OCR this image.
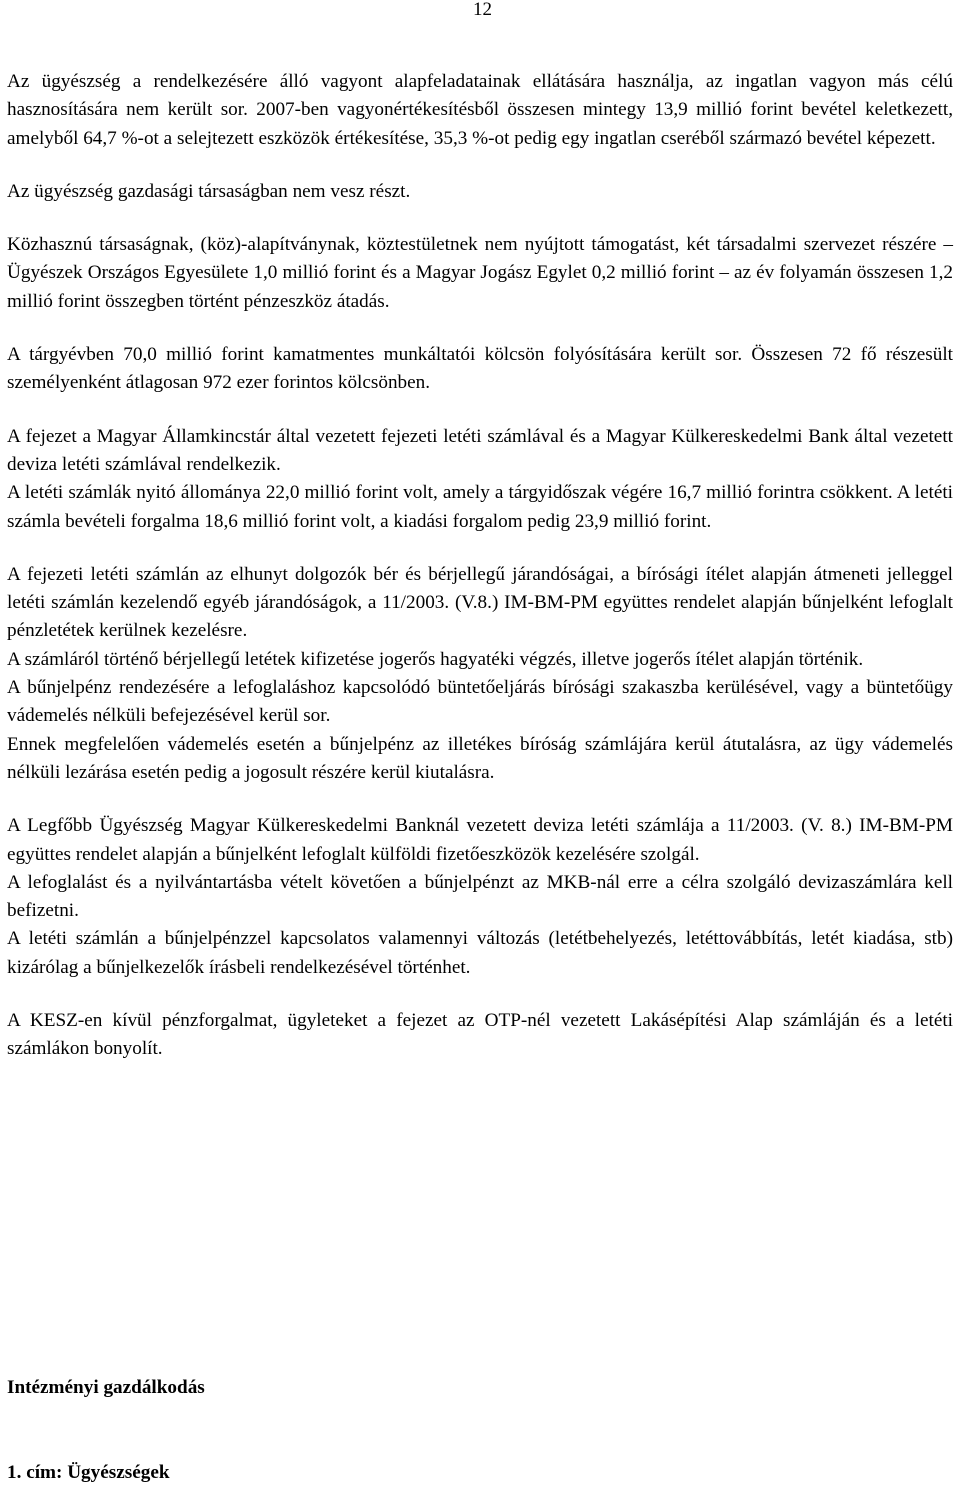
12

Az ügyészség a rendelkezésére álló vagyont alapfeladatainak ellátására használja, az ingatlan vagyon más célú hasznosítására nem került sor. 2007-ben vagyonértékesítésből összesen mintegy 13,9 millió forint bevétel keletkezett, amelyből 64,7 %-ot a selejtezett eszközök értékesítése, 35,3 %-ot pedig egy ingatlan cseréből származó bevétel képezett.

Az ügyészség gazdasági társaságban nem vesz részt.

Közhasznú társaságnak, (köz)-alapítványnak, köztestületnek nem nyújtott támogatást, két társadalmi szervezet részére – Ügyészek Országos Egyesülete 1,0 millió forint és a Magyar Jogász Egylet 0,2 millió forint – az év folyamán összesen 1,2 millió forint összegben történt pénzeszköz átadás.

A tárgyévben 70,0 millió forint kamatmentes munkáltatói kölcsön folyósítására került sor. Összesen 72 fő részesült személyenként átlagosan 972 ezer forintos kölcsönben.

A fejezet a Magyar Államkincstár által vezetett fejezeti letéti számlával és a Magyar Külkereskedelmi Bank által vezetett deviza letéti számlával rendelkezik.

A letéti számlák nyitó állománya 22,0 millió forint volt, amely a tárgyidőszak végére 16,7 millió forintra csökkent. A letéti számla bevételi forgalma 18,6 millió forint volt, a kiadási forgalom pedig 23,9 millió forint.

A fejezeti letéti számlán az elhunyt dolgozók bér és bérjellegű járandóságai, a bírósági ítélet alapján átmeneti jelleggel letéti számlán kezelendő egyéb járandóságok, a 11/2003. (V.8.) IM-BM-PM együttes rendelet alapján bűnjelként lefoglalt pénzletétek kerülnek kezelésre.

A számláról történő bérjellegű letétek kifizetése jogerős hagyatéki végzés, illetve jogerős ítélet alapján történik.

A bűnjelpénz rendezésére a lefoglaláshoz kapcsolódó büntetőeljárás bírósági szakaszba kerülésével, vagy a büntetőügy vádemelés nélküli befejezésével kerül sor.

Ennek megfelelően vádemelés esetén a bűnjelpénz az illetékes bíróság számlájára kerül átutalásra, az ügy vádemelés nélküli lezárása esetén pedig a jogosult részére kerül kiutalásra.

A Legfőbb Ügyészség Magyar Külkereskedelmi Banknál vezetett deviza letéti számlája a 11/2003. (V. 8.) IM-BM-PM együttes rendelet alapján a bűnjelként lefoglalt külföldi fizetőeszközök kezelésére szolgál.

A lefoglalást és a nyilvántartásba vételt követően a bűnjelpénzt az MKB-nál erre a célra szolgáló devizaszámlára kell befizetni.

A letéti számlán a bűnjelpénzzel kapcsolatos valamennyi változás (letétbehelyezés, letéttovábbítás, letét kiadása, stb) kizárólag a bűnjelkezelők írásbeli rendelkezésével történhet.

A KESZ-en kívül pénzforgalmat, ügyleteket a fejezet az OTP-nél vezetett Lakásépítési Alap számláján és a letéti számlákon bonyolít.

Intézményi gazdálkodás
1. cím: Ügyészségek
